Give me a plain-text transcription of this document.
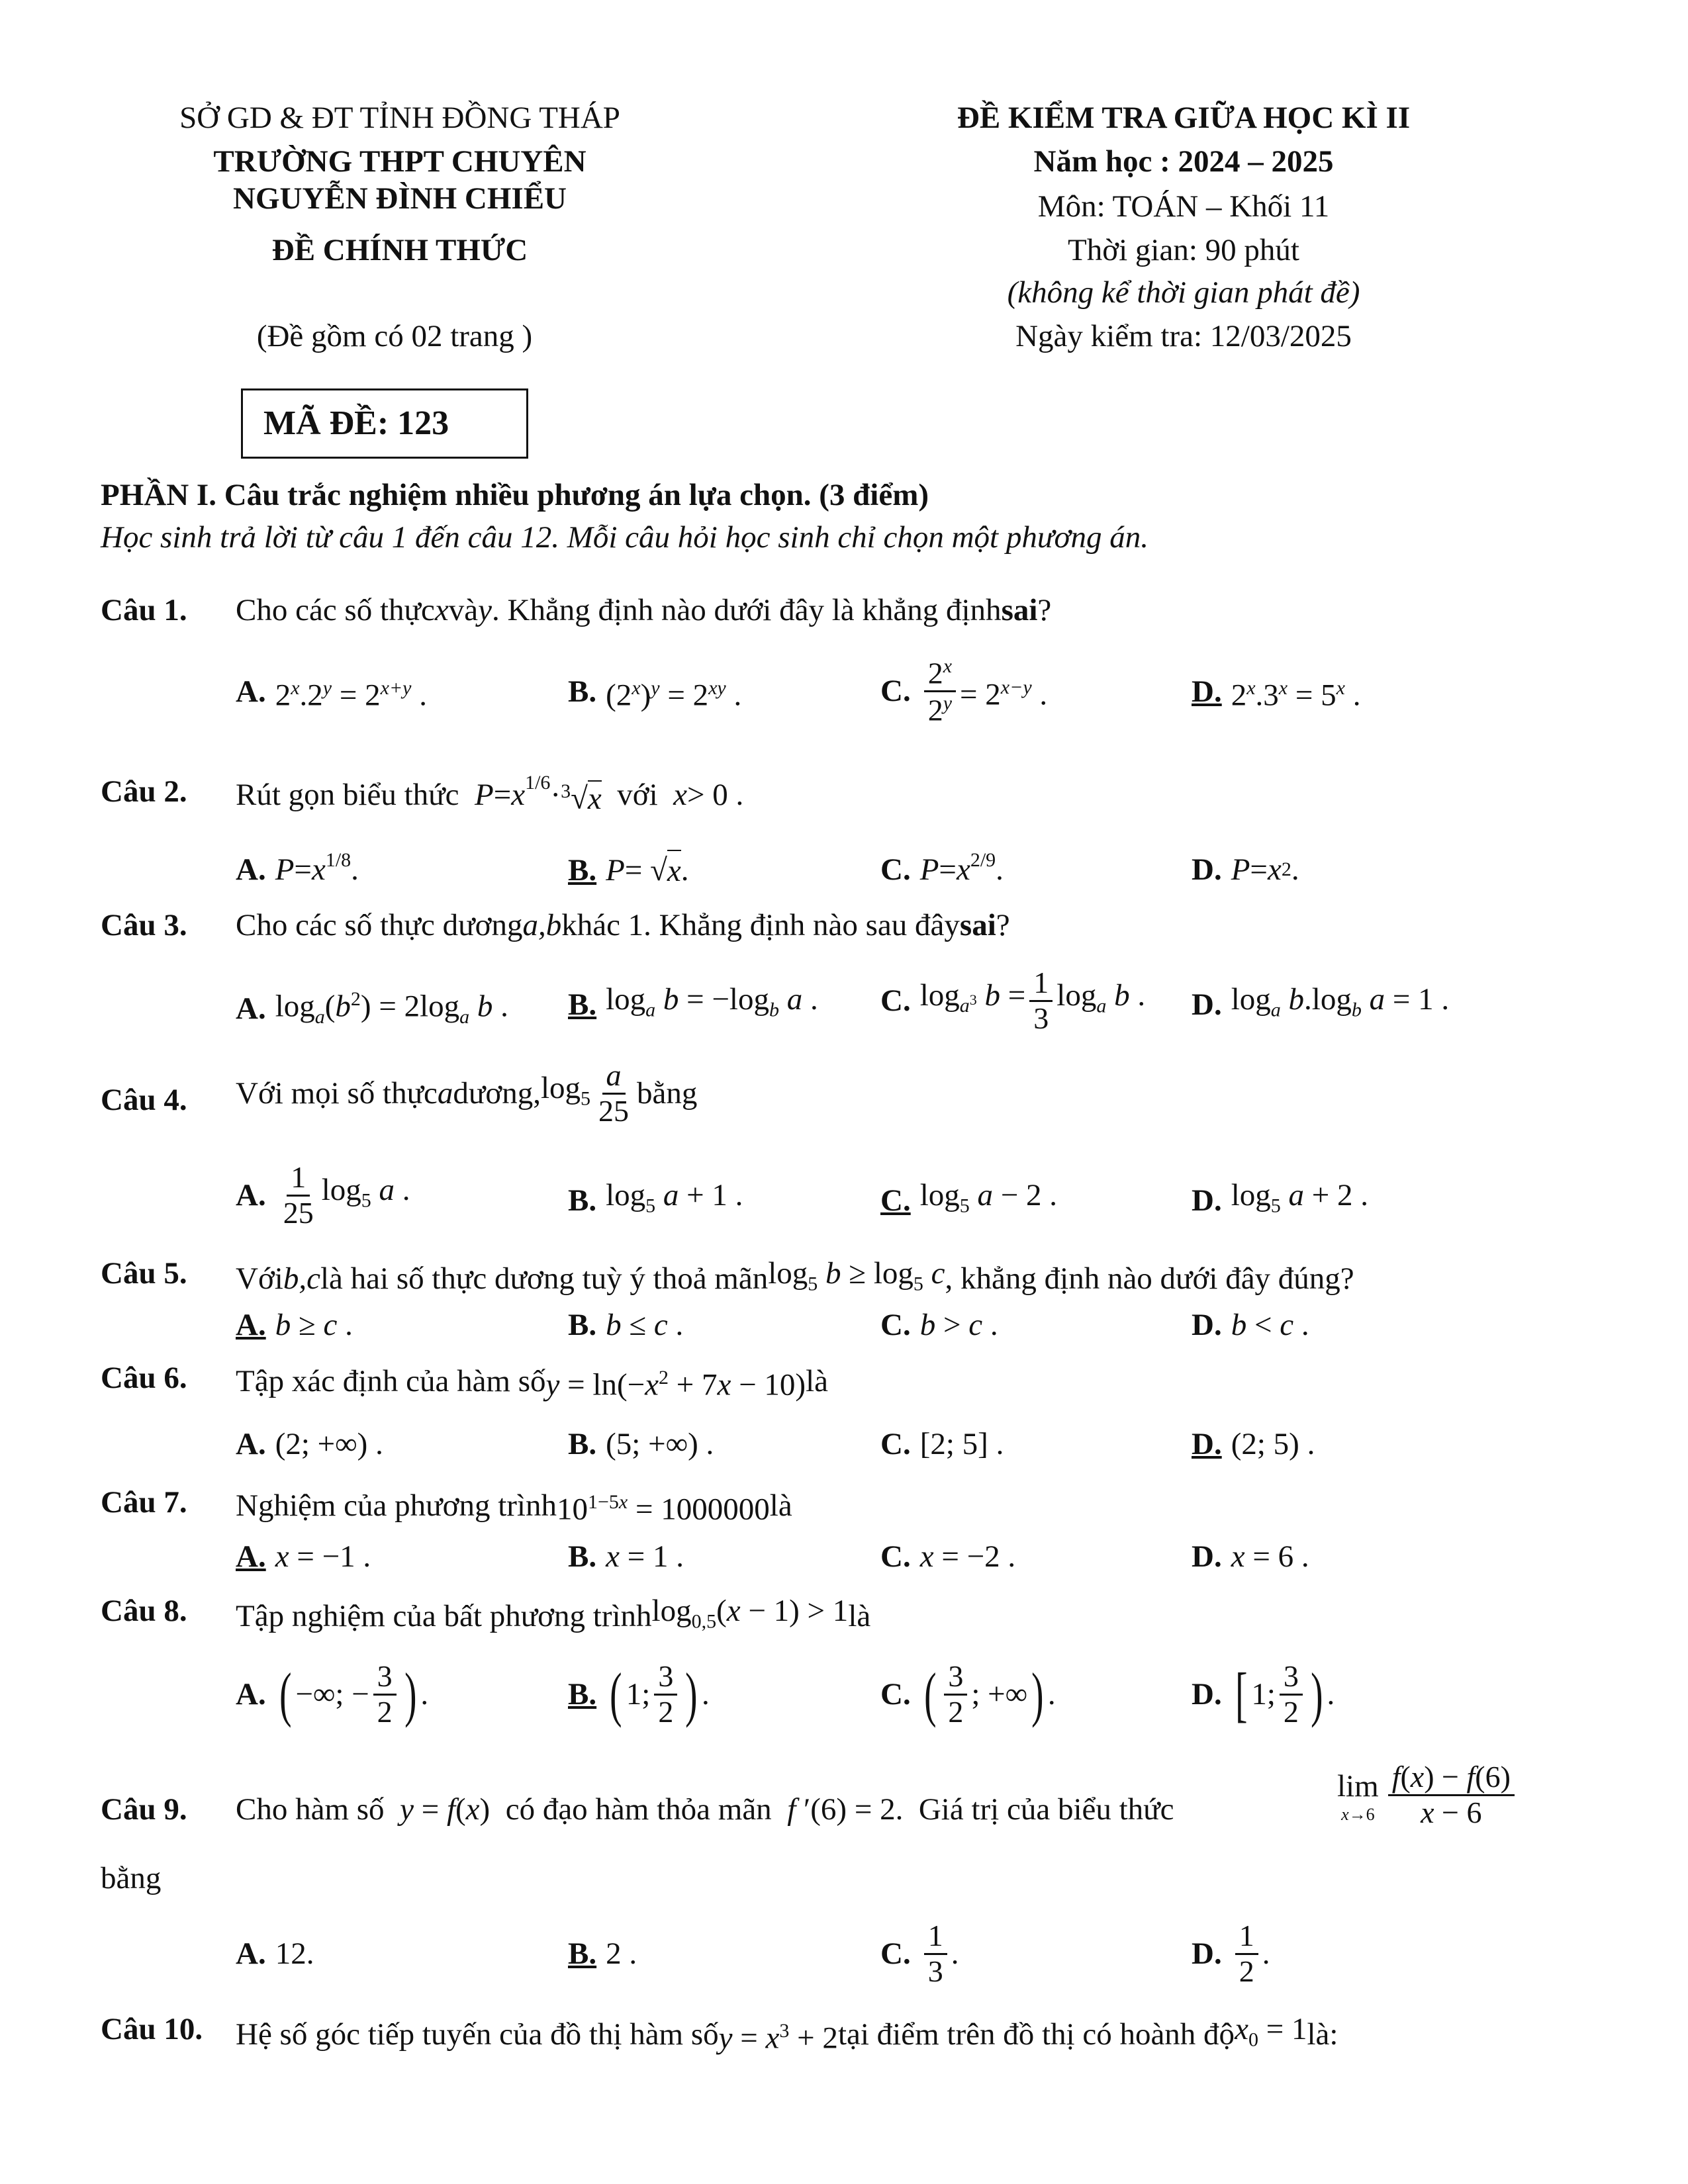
SỞ GD & ĐT TỈNH ĐỒNG THÁP
TRƯỜNG THPT CHUYÊN
NGUYỄN ĐÌNH CHIỂU
ĐỀ CHÍNH THỨC
(Đề gồm có 02 trang )
ĐỀ KIỂM TRA GIỮA HỌC KÌ II
Năm học : 2024 – 2025
Môn: TOÁN – Khối 11
Thời gian: 90 phút
(không kể thời gian phát đề)
Ngày kiểm tra: 12/03/2025
MÃ ĐỀ: 123
PHẦN I. Câu trắc nghiệm nhiều phương án lựa chọn. (3 điểm)
Học sinh trả lời từ câu 1 đến câu 12. Mỗi câu hỏi học sinh chỉ chọn một phương án.
Câu 1. Cho các số thực x và y . Khẳng định nào dưới đây là khẳng định sai ?
A. $2^x.2^y = 2^{x+y}$ .	B. $(2^x)^y = 2^{xy}$ .	C. $\frac{2^x}{2^y} = 2^{x-y}$ .	D. $2^x.3^x = 5^x$ .
Câu 2. Rút gọn biểu thức $P = x^{1/6} \cdot ^3√x$
với x > 0 .
A. $P = x^{1/8}$ .	B. P = √ x .	C. $P = x^{2/9}$ .	D. P = x 2 .
Câu 3. Cho các số thực dương a,b khác 1. Khẳng định nào sau đây sai ?
A. $\log_a(b^2) = 2\log_a$ b . B. $\log_a b = -\log_b$ a . C. $\log_{a^3} b = \frac{1}{3} \log_a b$ . D. $\log_a b.\log_b$ a = 1 .
Câu 4. Với mọi số thực a dương, $\log_5 \frac{a}{25}$ bằng
A. $\frac{1}{25} \log_5 a$ .	B. $\log_5 a + 1$ .	C. $\log_5 a - 2$ .	D. $\log_5 a + 2$ .
Câu 5. Với b,c là hai số thực dương tuỳ ý thoả mãn $\log_5 b \ge \log_5 c$ , khẳng định nào dưới đây đúng?
A. b ≥ c .	B. b ≤ c .	C. b > c .	D. b < c .
Câu 6. Tập xác định của hàm số $y = \ln(-x^2 + 7x - 10)$ là
A. (2; +∞) .	B. (5; +∞) .	C. [2; 5] .	D. (2; 5) .
Câu 7. Nghiệm của phương trình $10^{1-5x} = 1000000$ là
A. x = −1 .	B. x = 1 .	C. x = −2 .	D. x = 6 .
Câu 8. Tập nghiệm của bất phương trình $\log_{0,5}(x - 1) > 1$ là
A. ( −∞; − $\frac{3}{2}$ ) .	B. ( 1; $\frac{3}{2}$ ) .	C. ( $\frac{3}{2}$ ; +∞ ) .	D. [ 1; $\frac{3}{2}$ ) .
Câu 9. Cho hàm số y = f(x) có đạo hàm thỏa mãn f ′(6) = 2. Giá trị của biểu thức
lim
$x\to 6 \frac{f(x) - f(6)}{x - 6}$
bằng
A. 12.	B. 2 .	C. $\frac{1}{3}$ .	D. $\frac{1}{2}$ .
Câu 10. Hệ số góc tiếp tuyến của đồ thị hàm số $y = x^3 + 2$ tại điểm trên đồ thị có hoành độ $x_0 = 1$ là:
